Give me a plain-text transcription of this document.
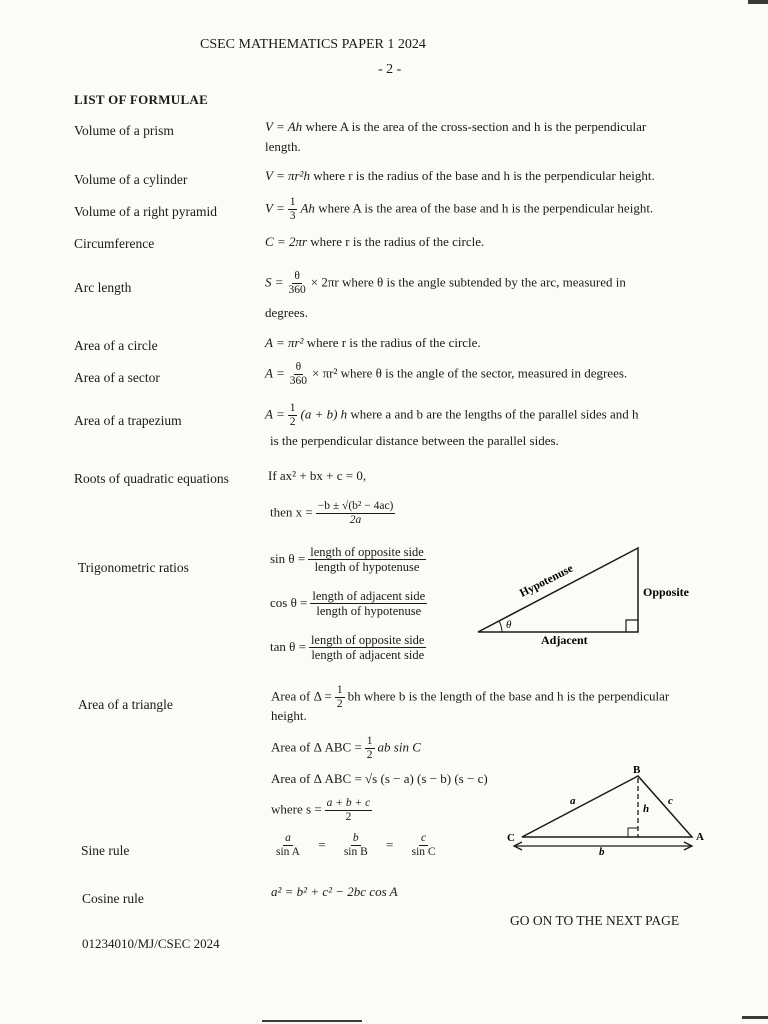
CSEC MATHEMATICS PAPER 1 2024
- 2 -
LIST OF FORMULAE
Volume of a prism	V = Ah where A is the area of the cross-section and h is the perpendicular
length.
Volume of a cylinder	V = πr²h where r is the radius of the base and h is the perpendicular height.
Volume of a right pyramid	$V = \frac{1}{3}$ Ah where A is the area of the base and h is the perpendicular height.
Circumference	C = 2πr where r is the radius of the circle.
Arc length	$S = \frac{\theta}{360} \times 2\pi r$ where θ is the angle subtended by the arc, measured in
degrees.
Area of a circle	A = πr² where r is the radius of the circle.
Area of a sector	$A = \frac{\theta}{360} \times \pi r^2$ where θ is the angle of the sector, measured in degrees.
Area of a trapezium	$A = \frac{1}{2} (a + b)$ h where a and b are the lengths of the parallel sides and h
is the perpendicular distance between the parallel sides.
Roots of quadratic equations	If ax² + bx + c = 0,
then $x = \frac{\text{−b ± √(b² − 4ac)}}{2a}$
Trigonometric ratios
$\sin \theta = \frac{\text{length of opposite side}}{\text{length of hypotenuse}}$
$\cos \theta = \frac{\text{length of adjacent side}}{\text{length of hypotenuse}}$
$\tan \theta = \frac{\text{length of opposite side}}{\text{length of adjacent side}}$
θ
Hypotenuse	Opposite
Adjacent
Area of a triangle
Area of $\Delta = \frac{1}{2}$ bh where b is the length of the base and h is the perpendicular
height.
Area of Δ ABC = $\frac{1}{2}$ ab sin C
Area of Δ ABC = √s (s − a) (s − b) (s − c)
where $s = \frac{a + b + c}{2}$
B
C	A
a	c
b
h
Sine rule	$\frac{a}{\text{sin A}} = \frac{b}{\text{sin B}} = \frac{c}{\text{sin C}}$
Cosine rule	a² = b² + c² − 2bc cos A
GO ON TO THE NEXT PAGE
01234010/MJ/CSEC 2024
